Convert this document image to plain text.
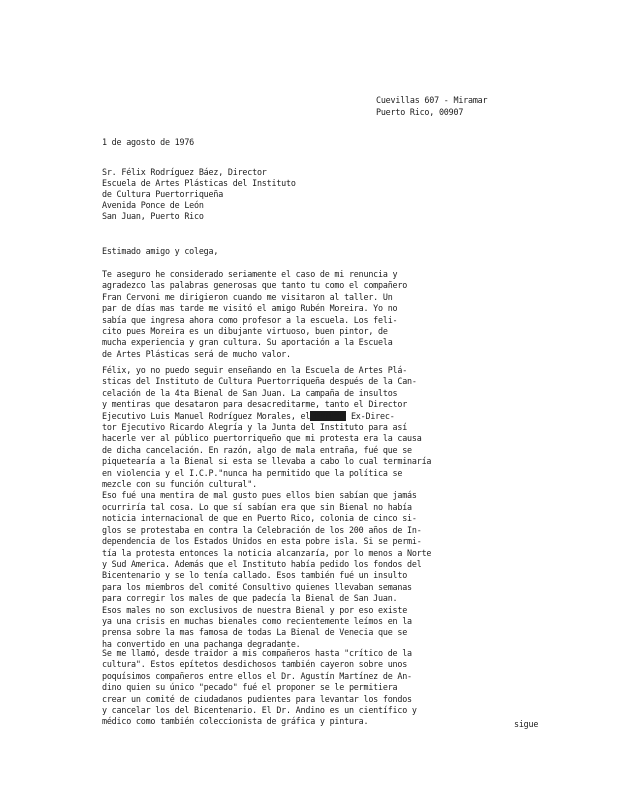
Cuevillas 607 - Miramar
Puerto Rico, 00907
1 de agosto de 1976
Sr. Félix Rodríguez Báez, Director
Escuela de Artes Plásticas del Instituto
de Cultura Puertorriqueña
Avenida Ponce de León
San Juan, Puerto Rico
Estimado amigo y colega,
Te aseguro he considerado seriamente el caso de mi renuncia y
agradezco las palabras generosas que tanto tu como el compañero
Fran Cervoni me dirigieron cuando me visitaron al taller. Un
par de días mas tarde me visitó el amigo Rubén Moreira. Yo no
sabía que ingresa ahora como profesor a la escuela. Los feli-
cito pues Moreira es un dibujante virtuoso, buen pintor, de
mucha experiencia y gran cultura. Su aportación a la Escuela
de Artes Plásticas será de mucho valor.
Félix, yo no puedo seguir enseñando en la Escuela de Artes Plá-
sticas del Instituto de Cultura Puertorriqueña después de la Can-
celación de la 4ta Bienal de San Juan. La campaña de insultos
y mentiras que desataron para desacreditarme, tanto el Director
Ejecutivo Luis Manuel Rodríguez Morales, elMMMMMMM Ex-Direc-
tor Ejecutivo Ricardo Alegría y la Junta del Instituto para así
hacerle ver al público puertorriqueño que mi protesta era la causa
de dicha cancelación. En razón, algo de mala entraña, fué que se
piquetearía a la Bienal si esta se llevaba a cabo lo cual terminaría
en violencia y el I.C.P."nunca ha permitido que la política se
mezcle con su función cultural".
Eso fué una mentira de mal gusto pues ellos bien sabían que jamás
ocurriría tal cosa. Lo que sí sabían era que sin Bienal no había
noticia internacional de que en Puerto Rico, colonia de cinco si-
glos se protestaba en contra la Celebración de los 200 años de In-
dependencia de los Estados Unidos en esta pobre isla. Si se permi-
tía la protesta entonces la noticia alcanzaría, por lo menos a Norte
y Sud America. Además que el Instituto había pedido los fondos del
Bicentenario y se lo tenía callado. Esos también fué un insulto
para los miembros del comité Consultivo quienes llevaban semanas
para corregir los males de que padecía la Bienal de San Juan.
Esos males no son exclusivos de nuestra Bienal y por eso existe
ya una crisis en muchas bienales como recientemente leímos en la
prensa sobre la mas famosa de todas La Bienal de Venecia que se
ha convertido en una pachanga degradante.
Se me llamó, desde traidor a mis compañeros hasta "crítico de la
cultura". Estos epítetos desdichosos también cayeron sobre unos
poquísimos compañeros entre ellos el Dr. Agustín Martínez de An-
dino quien su único "pecado" fué el proponer se le permitiera
crear un comité de ciudadanos pudientes para levantar los fondos
y cancelar los del Bicentenario. El Dr. Andino es un científico y
médico como también coleccionista de gráfica y pintura.	sigue
